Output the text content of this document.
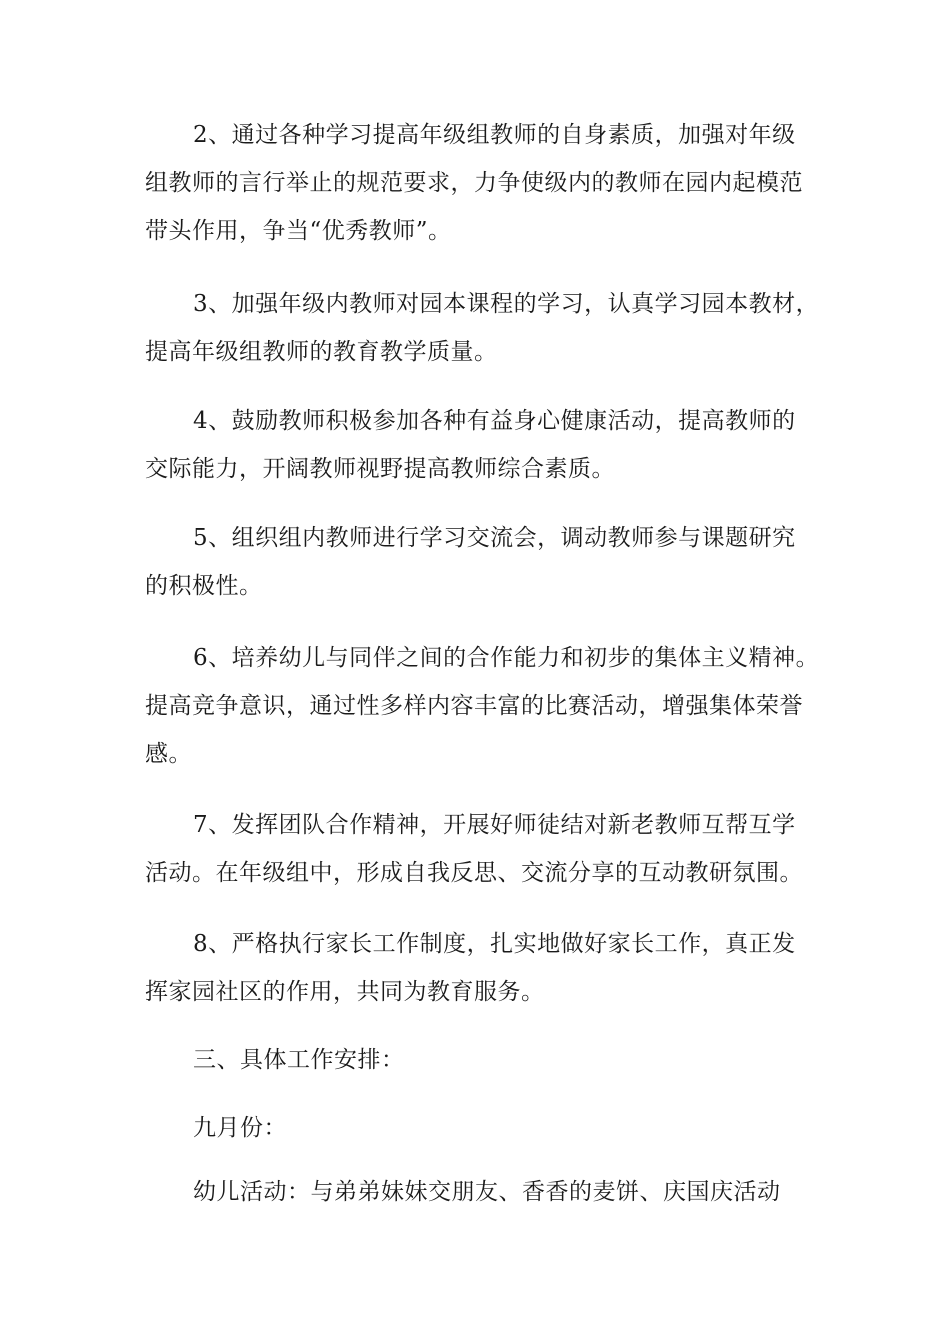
2、通过各种学习提高年级组教师的自身素质，加强对年级
组教师的言行举止的规范要求，力争使级内的教师在园内起模范
带头作用，争当“优秀教师”。
3、加强年级内教师对园本课程的学习，认真学习园本教材，
提高年级组教师的教育教学质量。
4、鼓励教师积极参加各种有益身心健康活动，提高教师的
交际能力，开阔教师视野提高教师综合素质。
5、组织组内教师进行学习交流会，调动教师参与课题研究
的积极性。
6、培养幼儿与同伴之间的合作能力和初步的集体主义精神。
提高竞争意识，通过性多样内容丰富的比赛活动，增强集体荣誉
感。
7、发挥团队合作精神，开展好师徒结对新老教师互帮互学
活动。在年级组中，形成自我反思、交流分享的互动教研氛围。
8、严格执行家长工作制度，扎实地做好家长工作，真正发
挥家园社区的作用，共同为教育服务。
三、具体工作安排：
九月份：
幼儿活动：与弟弟妹妹交朋友、香香的麦饼、庆国庆活动
